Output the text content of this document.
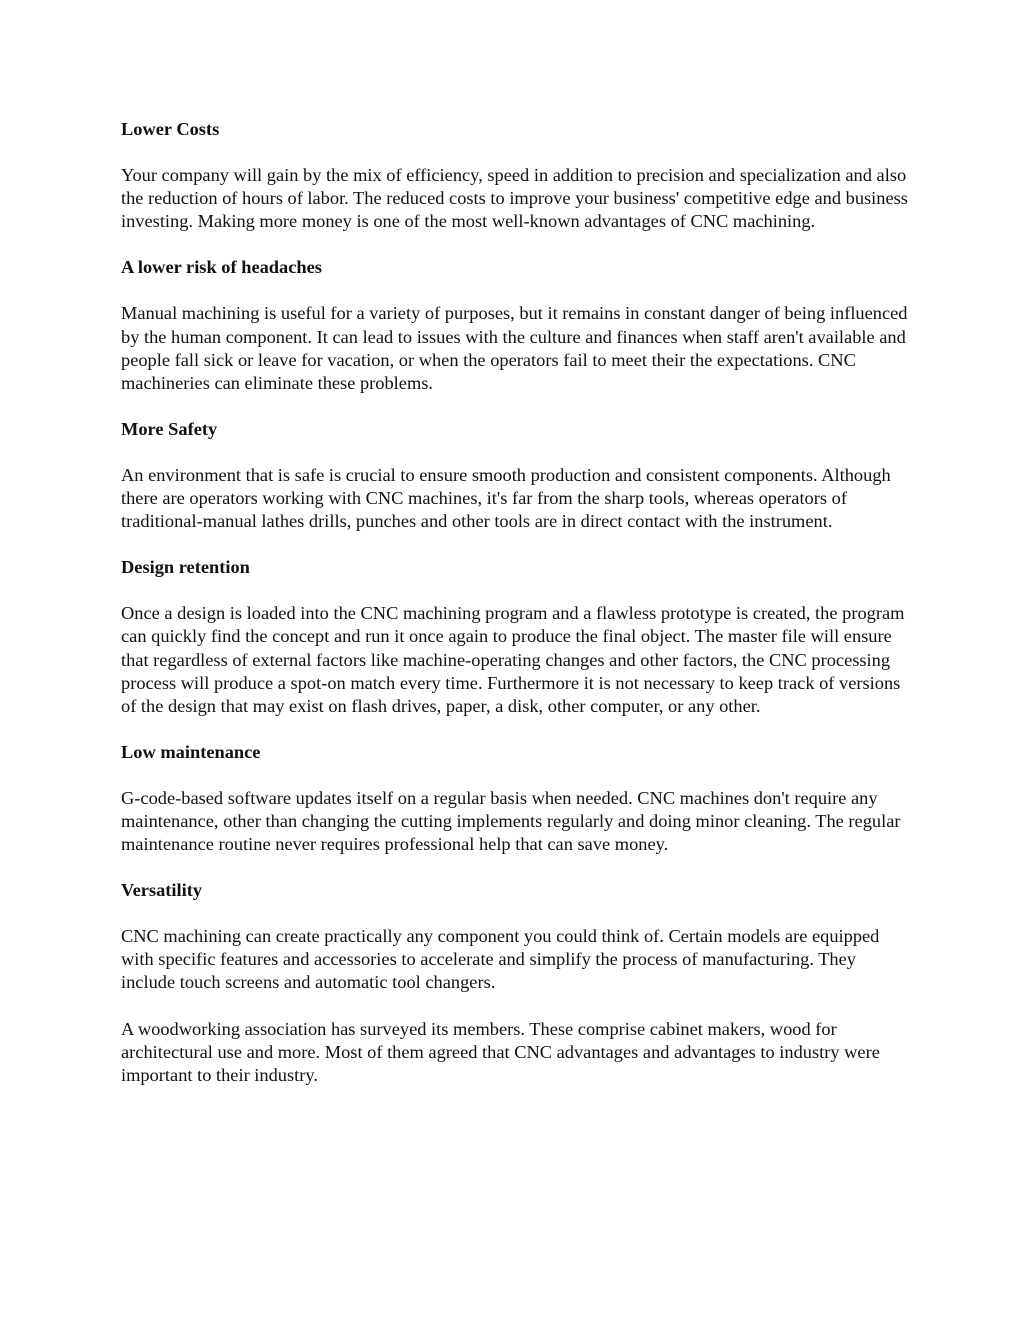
Lower Costs

Your company will gain by the mix of efficiency, speed in addition to precision and specialization and also the reduction of hours of labor. The reduced costs to improve your business' competitive edge and business investing. Making more money is one of the most well-known advantages of CNC machining.

A lower risk of headaches

Manual machining is useful for a variety of purposes, but it remains in constant danger of being influenced by the human component. It can lead to issues with the culture and finances when staff aren't available and people fall sick or leave for vacation, or when the operators fail to meet their the expectations. CNC machineries can eliminate these problems.

More Safety

An environment that is safe is crucial to ensure smooth production and consistent components. Although there are operators working with CNC machines, it's far from the sharp tools, whereas operators of traditional-manual lathes drills, punches and other tools are in direct contact with the instrument.

Design retention

Once a design is loaded into the CNC machining program and a flawless prototype is created, the program can quickly find the concept and run it once again to produce the final object. The master file will ensure that regardless of external factors like machine-operating changes and other factors, the CNC processing process will produce a spot-on match every time. Furthermore it is not necessary to keep track of versions of the design that may exist on flash drives, paper, a disk, other computer, or any other.

Low maintenance

G-code-based software updates itself on a regular basis when needed. CNC machines don't require any maintenance, other than changing the cutting implements regularly and doing minor cleaning. The regular maintenance routine never requires professional help that can save money.

Versatility

CNC machining can create practically any component you could think of. Certain models are equipped with specific features and accessories to accelerate and simplify the process of manufacturing. They include touch screens and automatic tool changers.

A woodworking association has surveyed its members. These comprise cabinet makers, wood for architectural use and more. Most of them agreed that CNC advantages and advantages to industry were important to their industry.
